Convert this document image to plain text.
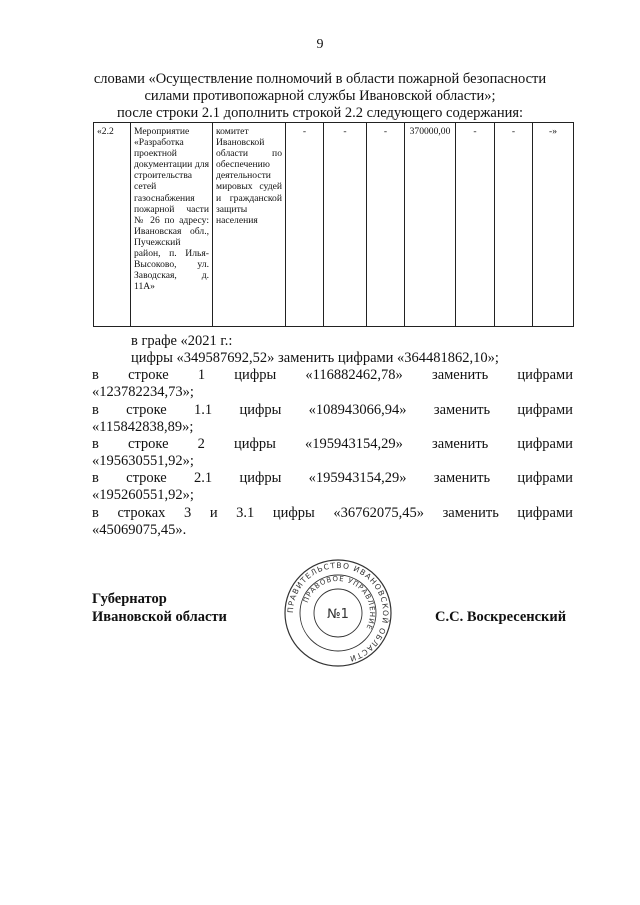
9
словами «Осуществление полномочий в области пожарной безопасности
силами противопожарной службы Ивановской области»;
после строки 2.1 дополнить строкой 2.2 следующего содержания:
«2.2	Мероприятие «Разработка проектной документации для строительства сетей газоснабжения пожарной части № 26 по адресу: Ивановская обл., Пучежский район, п. Илья-Высоково, ул. Заводская, д. 11А»	комитет Ивановской области по обеспечению деятельности мировых судей и гражданской защиты населения	-	-	-	370000,00	-	-	-»
в графе «2021 г.:
цифры «349587692,52» заменить цифрами «364481862,10»;
в строке 1 цифры «116882462,78» заменить цифрами
«123782234,73»;
в строке 1.1 цифры «108943066,94» заменить цифрами
«115842838,89»;
в строке 2 цифры «195943154,29» заменить цифрами
«195630551,92»;
в строке 2.1 цифры «195943154,29» заменить цифрами
«195260551,92»;
в строках 3 и 3.1 цифры «36762075,45» заменить цифрами
«45069075,45».
Губернатор
Ивановской области	С.С. Воскресенский
ПРАВИТЕЛЬСТВО ИВАНОВСКОЙ ОБЛАСТИ
ПРАВОВОЕ УПРАВЛЕНИЕ
№1
